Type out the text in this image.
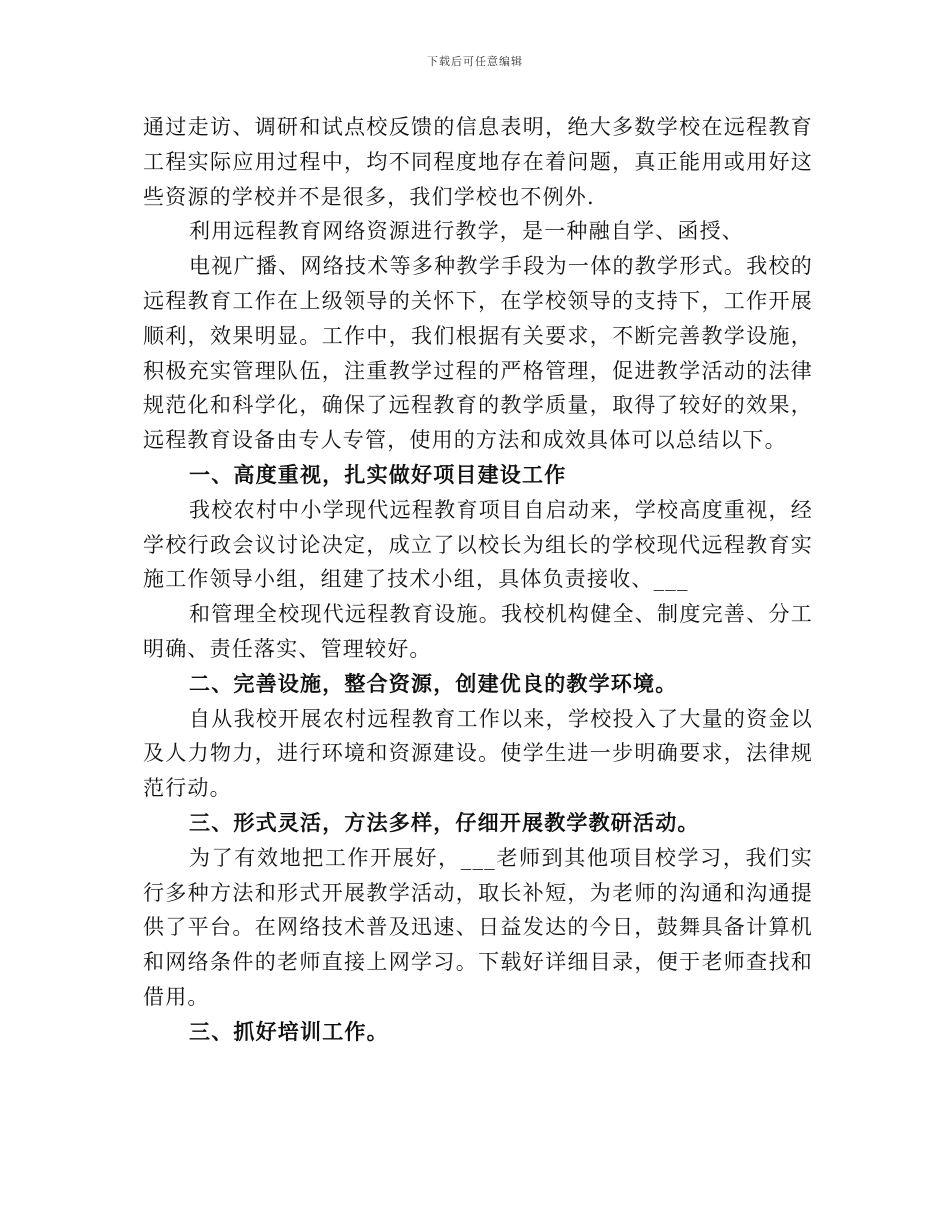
下载后可任意编辑

通过走访、调研和试点校反馈的信息表明，绝大多数学校在远程教育工程实际应用过程中，均不同程度地存在着问题，真正能用或用好这些资源的学校并不是很多，我们学校也不例外.

利用远程教育网络资源进行教学，是一种融自学、函授、

电视广播、网络技术等多种教学手段为一体的教学形式。我校的远程教育工作在上级领导的关怀下，在学校领导的支持下，工作开展顺利，效果明显。工作中，我们根据有关要求，不断完善教学设施，积极充实管理队伍，注重教学过程的严格管理，促进教学活动的法律规范化和科学化，确保了远程教育的教学质量，取得了较好的效果，远程教育设备由专人专管，使用的方法和成效具体可以总结以下。

一、高度重视，扎实做好项目建设工作

我校农村中小学现代远程教育项目自启动来，学校高度重视，经学校行政会议讨论决定，成立了以校长为组长的学校现代远程教育实施工作领导小组，组建了技术小组，具体负责接收、___

和管理全校现代远程教育设施。我校机构健全、制度完善、分工明确、责任落实、管理较好。

二、完善设施，整合资源，创建优良的教学环境。

自从我校开展农村远程教育工作以来，学校投入了大量的资金以及人力物力，进行环境和资源建设。使学生进一步明确要求，法律规范行动。

三、形式灵活，方法多样，仔细开展教学教研活动。

为了有效地把工作开展好，___老师到其他项目校学习，我们实行多种方法和形式开展教学活动，取长补短，为老师的沟通和沟通提供了平台。在网络技术普及迅速、日益发达的今日，鼓舞具备计算机和网络条件的老师直接上网学习。下载好详细目录，便于老师查找和借用。

三、抓好培训工作。
